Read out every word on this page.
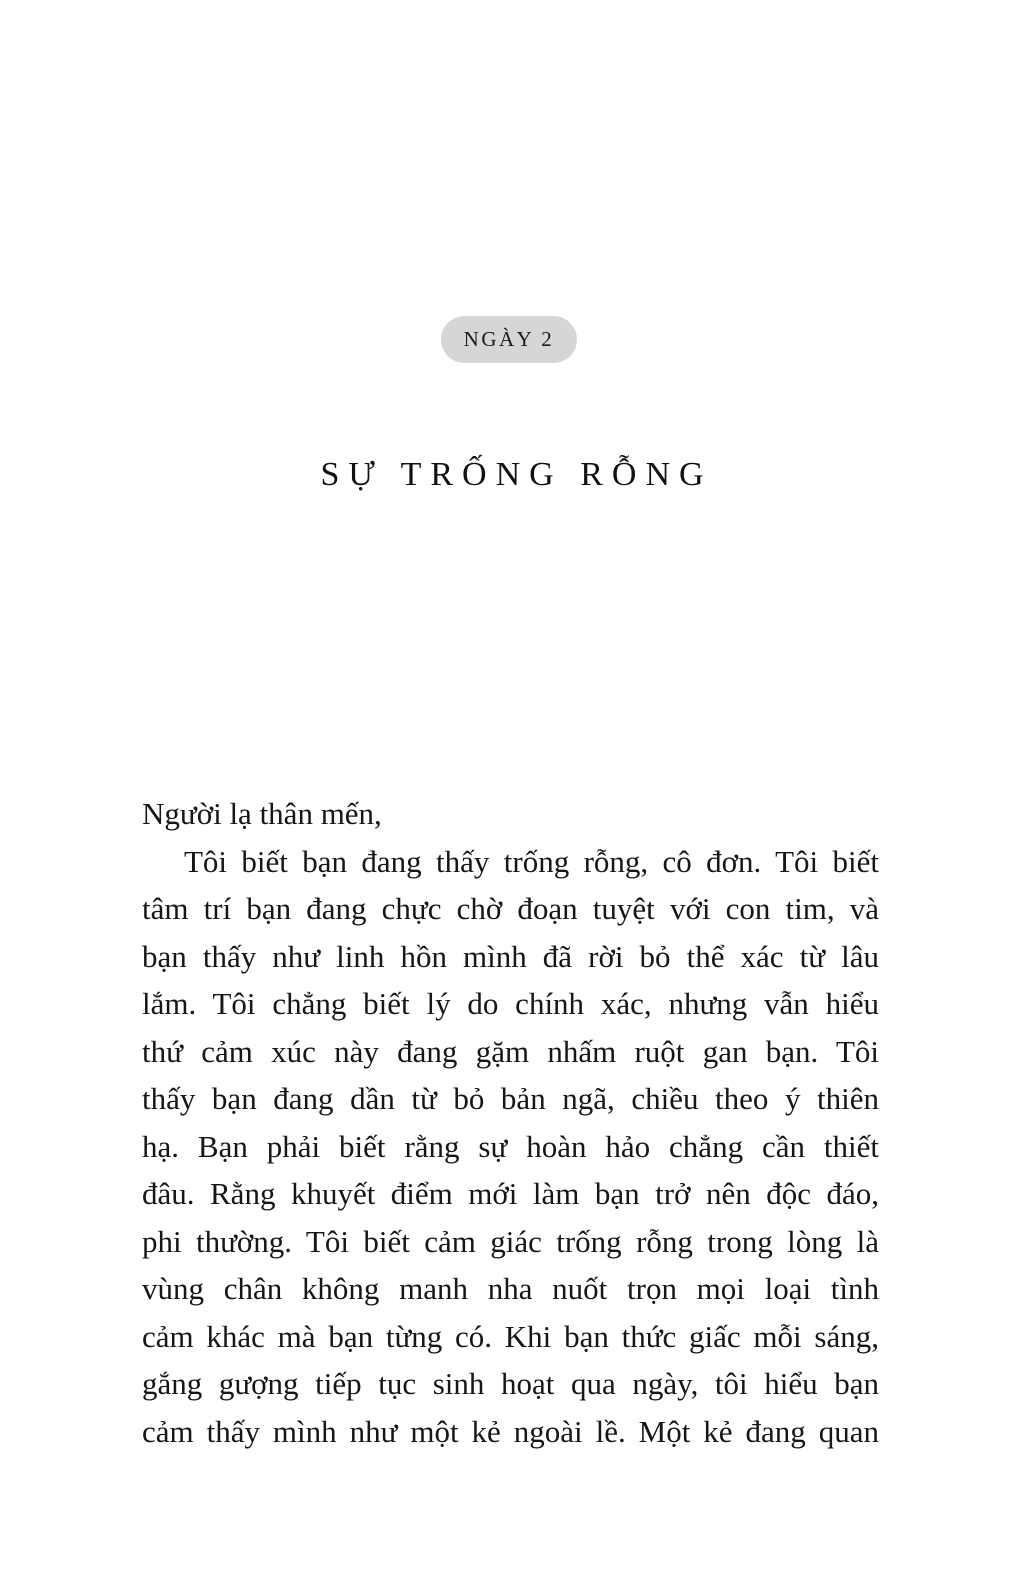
NGÀY 2
SỰ TRỐNG RỖNG
Người lạ thân mến,
Tôi biết bạn đang thấy trống rỗng, cô đơn. Tôi biết
tâm trí bạn đang chực chờ đoạn tuyệt với con tim, và
bạn thấy như linh hồn mình đã rời bỏ thể xác từ lâu
lắm. Tôi chẳng biết lý do chính xác, nhưng vẫn hiểu
thứ cảm xúc này đang gặm nhấm ruột gan bạn. Tôi
thấy bạn đang dần từ bỏ bản ngã, chiều theo ý thiên
hạ. Bạn phải biết rằng sự hoàn hảo chẳng cần thiết
đâu. Rằng khuyết điểm mới làm bạn trở nên độc đáo,
phi thường. Tôi biết cảm giác trống rỗng trong lòng là
vùng chân không manh nha nuốt trọn mọi loại tình
cảm khác mà bạn từng có. Khi bạn thức giấc mỗi sáng,
gắng gượng tiếp tục sinh hoạt qua ngày, tôi hiểu bạn
cảm thấy mình như một kẻ ngoài lề. Một kẻ đang quan
